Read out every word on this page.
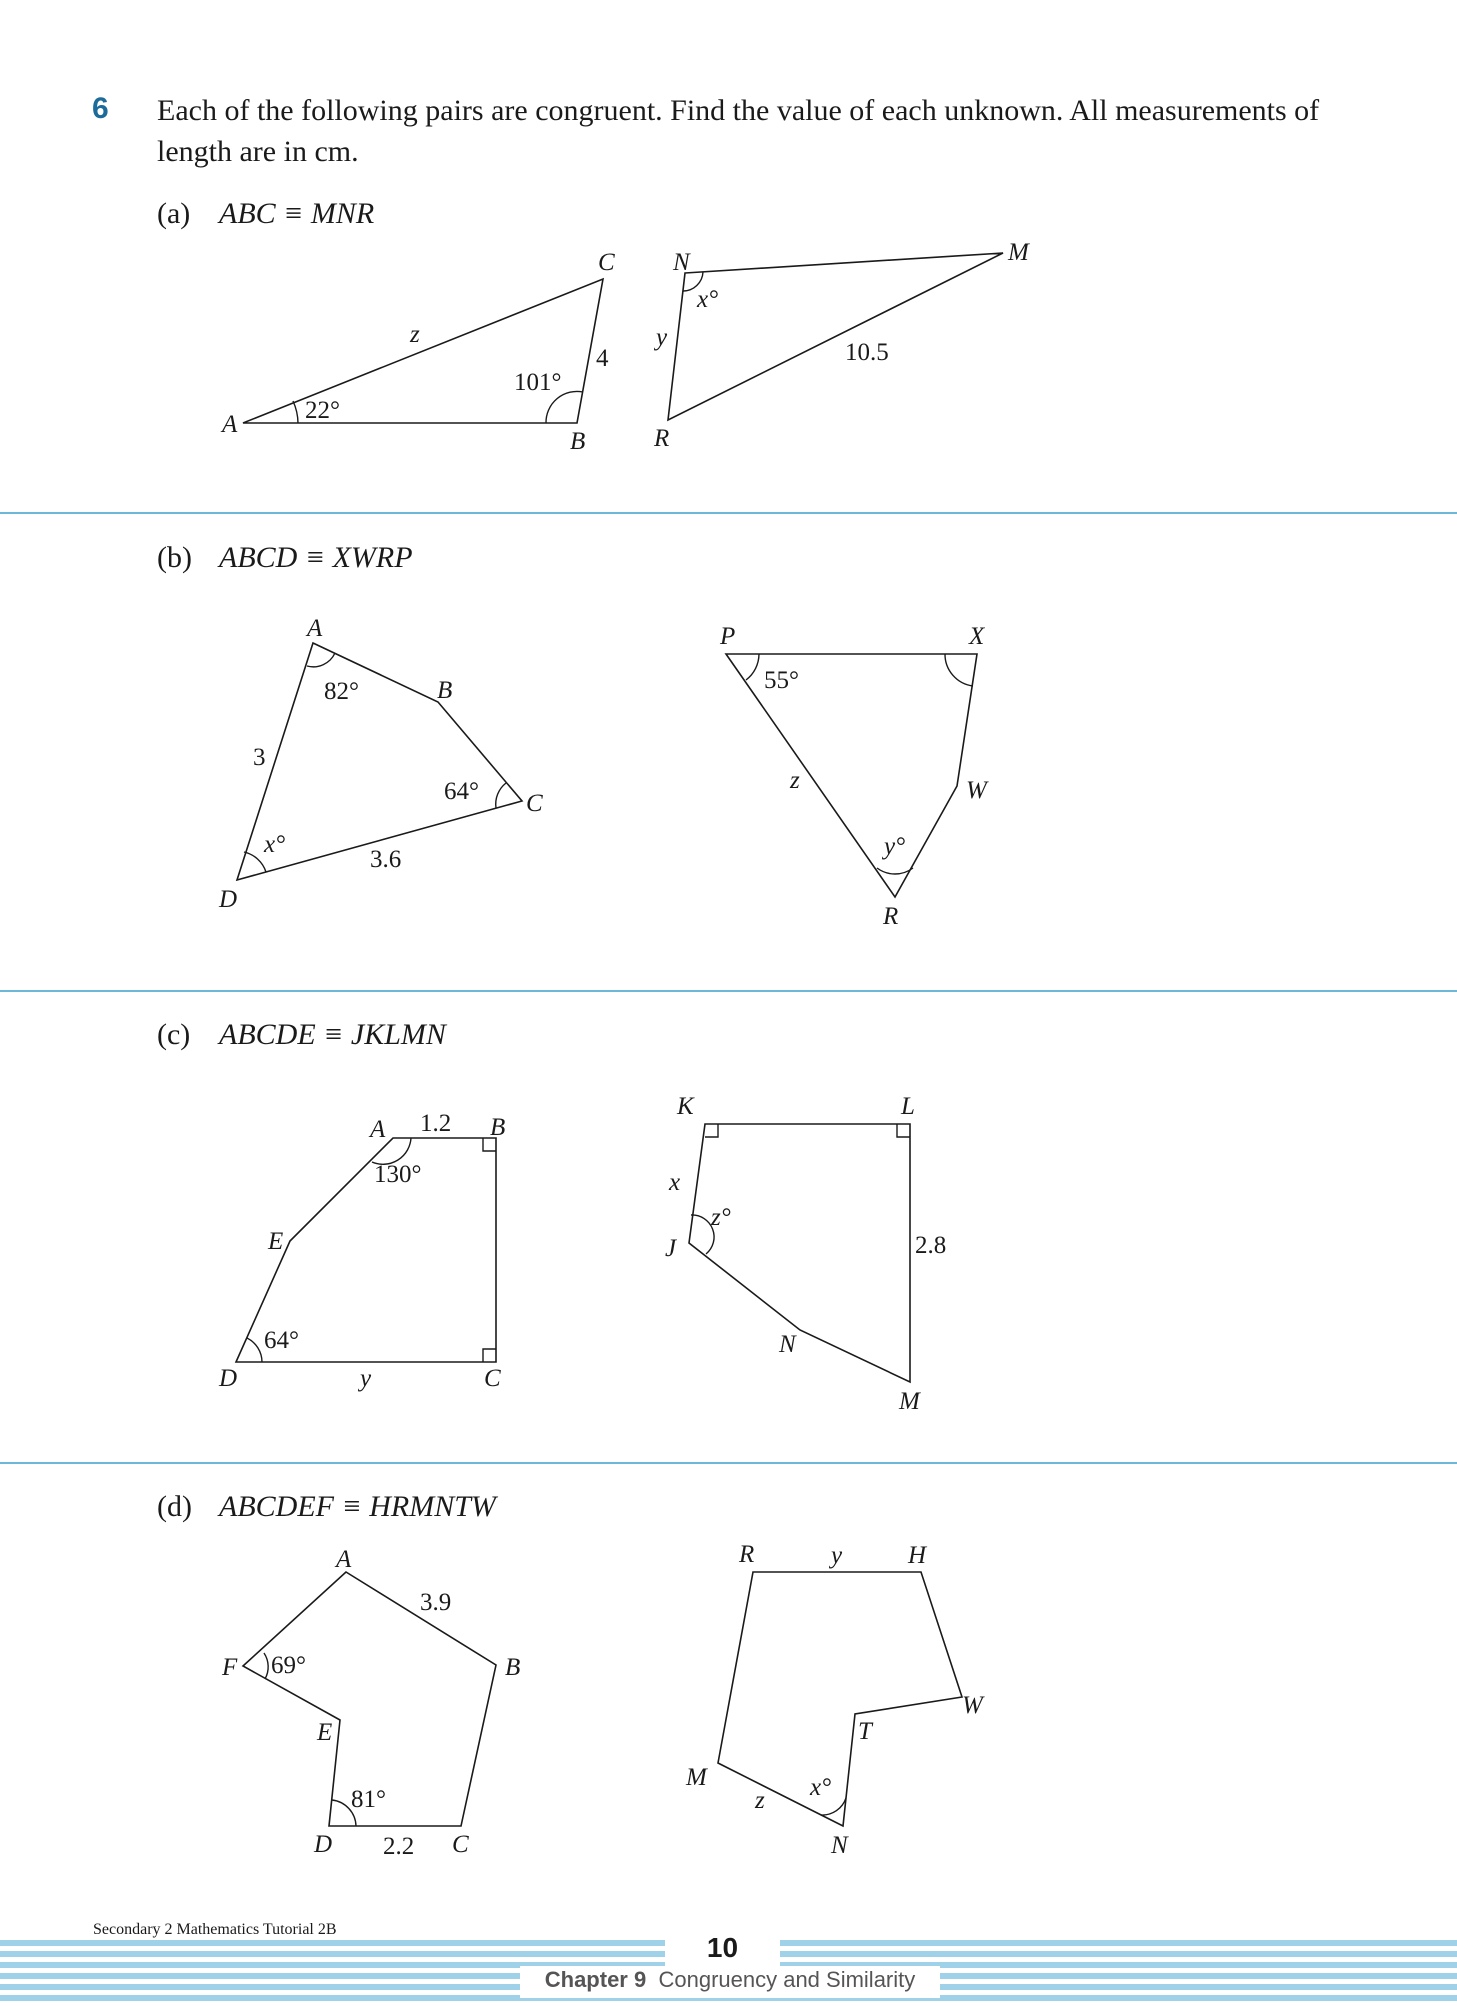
6 Each of the following pairs are congruent. Find the value of each unknown. All measurements of length are in cm.
(a) ABC ≡ MNR
(b) ABCD ≡ XWRP
(c) ABCDE ≡ JKLMN
(d) ABCDEF ≡ HRMNTW
A
B
C
z
4
101°
22°
N	M
R
x°
y
10.5
A
B
C
D
82°
3
64°
x°
3.6
P	X
W
R
55°
z
y°
A	B
E
D	C
1.2
130°
64°
y
K	L
J
N
M
x
z°
2.8
A
B
F
E
D	C
3.9
69°
81°
2.2
R	H
W
T
M
N
y
z x°
Secondary 2 Mathematics Tutorial 2B
10
Chapter 9 Congruency and Similarity
